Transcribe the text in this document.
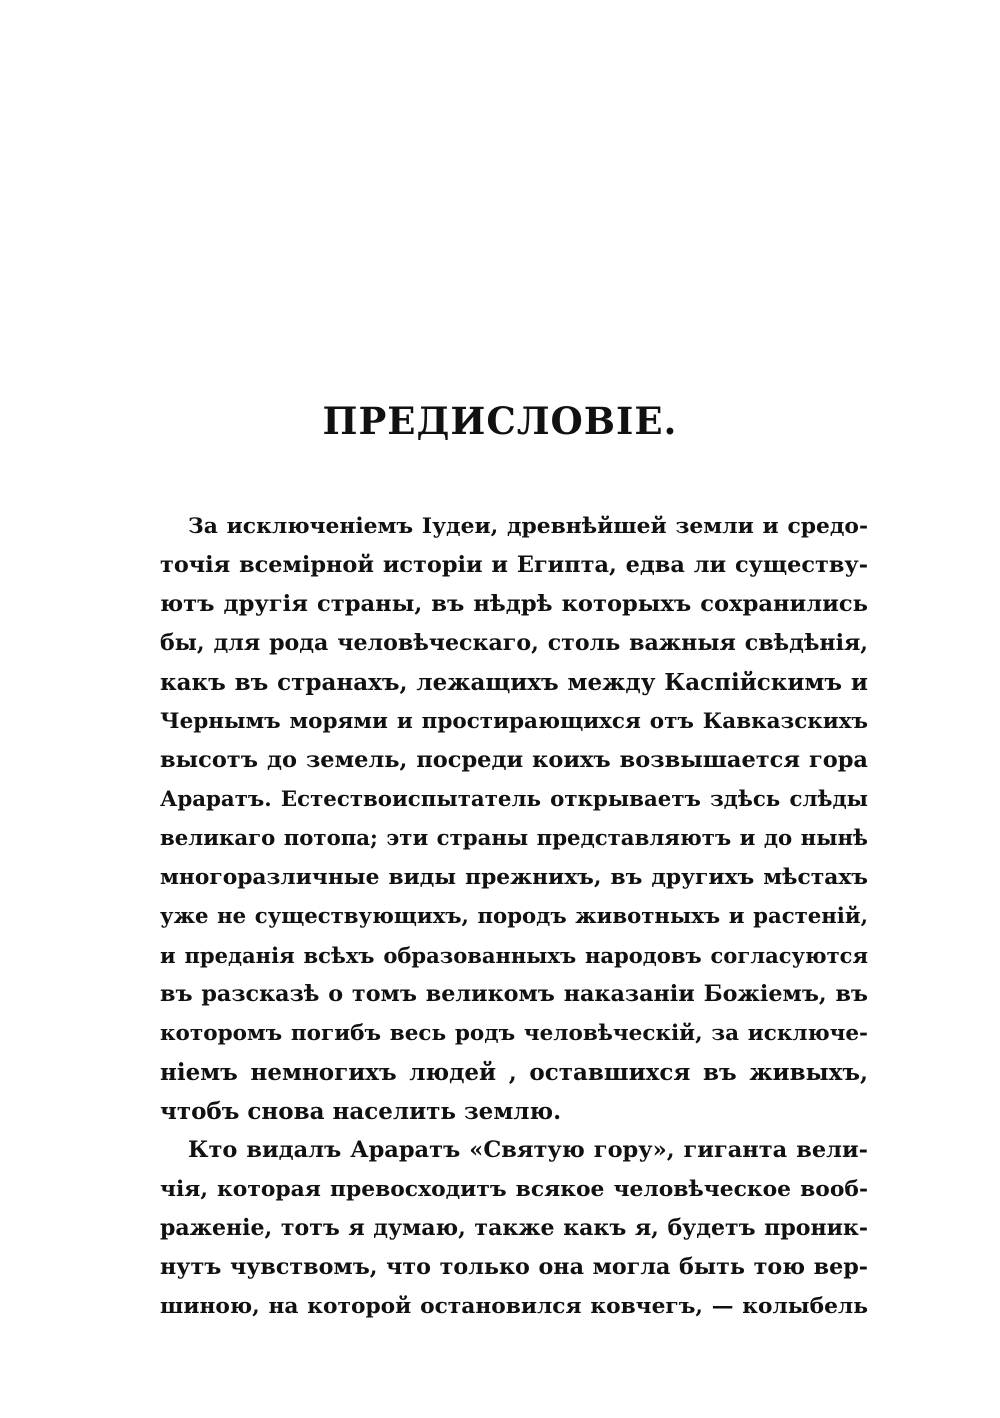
ПРЕДИСЛОВІЕ.
За исключеніемъ Іудеи, древнѣйшей земли и средо-
точія всемірной исторіи и Египта, едва ли существу-
ютъ другія страны, въ нѣдрѣ которыхъ сохранились
бы, для рода человѣческаго, столь важныя свѣдѣнія,
какъ въ странахъ, лежащихъ между Каспійскимъ и
Чернымъ морями и простирающихся отъ Кавказскихъ
высотъ до земель, посреди коихъ возвышается гора
Араратъ. Естествоиспытатель открываетъ здѣсь слѣды
великаго потопа; эти страны представляютъ и до нынѣ
многоразличные виды прежнихъ, въ другихъ мѣстахъ
уже не существующихъ, породъ животныхъ и растеній,
и преданія всѣхъ образованныхъ народовъ согласуются
въ разсказѣ о томъ великомъ наказаніи Божіемъ, въ
которомъ погибъ весь родъ человѣческій, за исключе-
ніемъ немногихъ людей , оставшихся въ живыхъ,
чтобъ снова населить землю.
Кто видалъ Араратъ «Святую гору», гиганта вели-
чія, которая превосходитъ всякое человѣческое вооб-
раженіе, тотъ я думаю, также какъ я, будетъ проник-
нутъ чувствомъ, что только она могла быть тою вер-
шиною, на которой остановился ковчегъ, — колыбель
